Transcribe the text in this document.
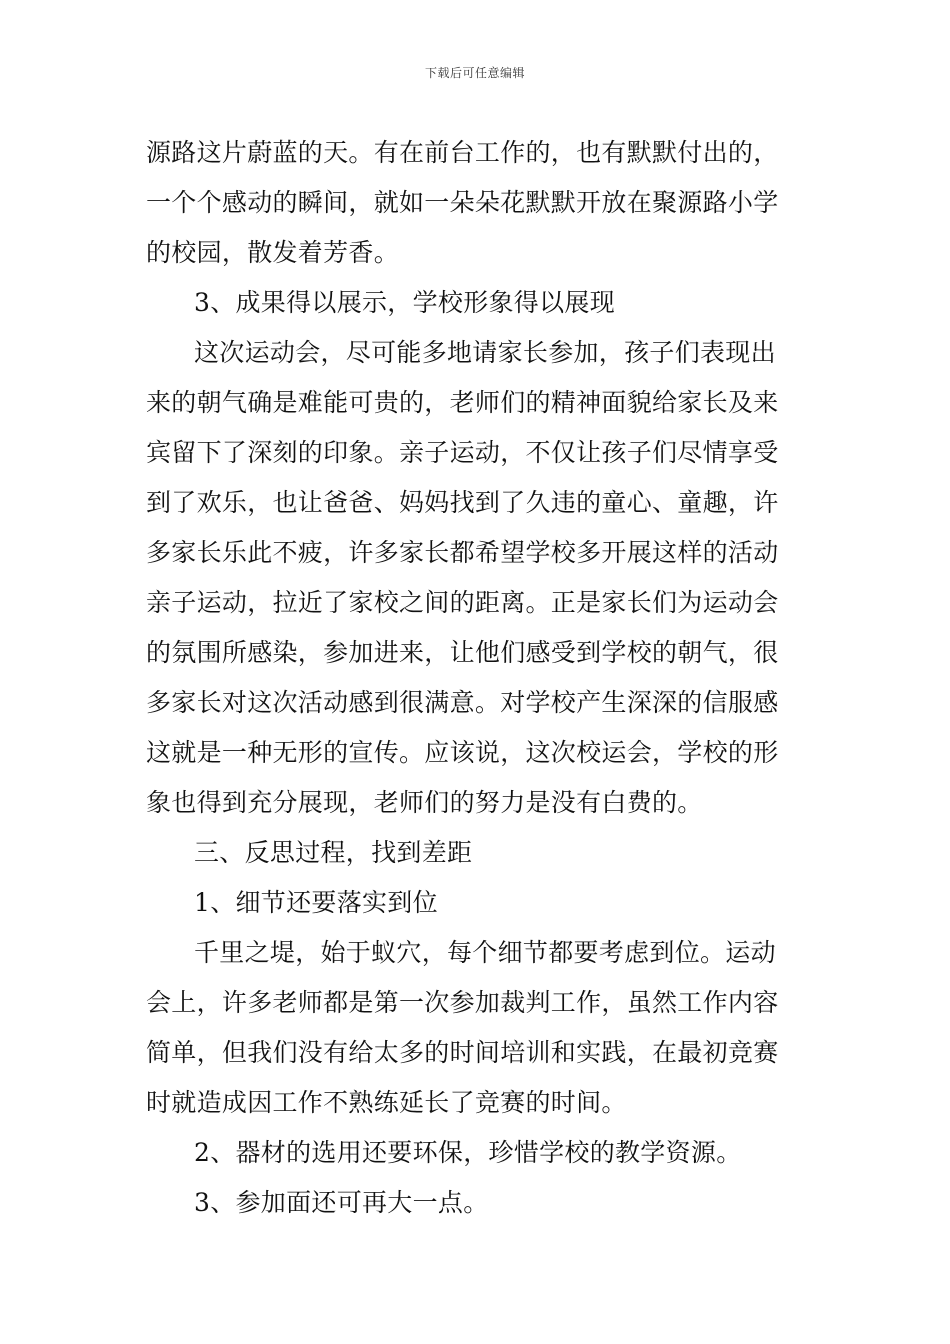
下载后可任意编辑
源路这片蔚蓝的天。有在前台工作的，也有默默付出的，
一个个感动的瞬间，就如一朵朵花默默开放在聚源路小学
的校园，散发着芳香。
3、成果得以展示，学校形象得以展现
这次运动会，尽可能多地请家长参加，孩子们表现出
来的朝气确是难能可贵的，老师们的精神面貌给家长及来
宾留下了深刻的印象。亲子运动，不仅让孩子们尽情享受
到了欢乐，也让爸爸、妈妈找到了久违的童心、童趣，许
多家长乐此不疲，许多家长都希望学校多开展这样的活动
亲子运动，拉近了家校之间的距离。正是家长们为运动会
的氛围所感染，参加进来，让他们感受到学校的朝气，很
多家长对这次活动感到很满意。对学校产生深深的信服感
这就是一种无形的宣传。应该说，这次校运会，学校的形
象也得到充分展现，老师们的努力是没有白费的。
三、反思过程，找到差距
1、细节还要落实到位
千里之堤，始于蚁穴，每个细节都要考虑到位。运动
会上，许多老师都是第一次参加裁判工作，虽然工作内容
简单，但我们没有给太多的时间培训和实践，在最初竞赛
时就造成因工作不熟练延长了竞赛的时间。
2、器材的选用还要环保，珍惜学校的教学资源。
3、参加面还可再大一点。
